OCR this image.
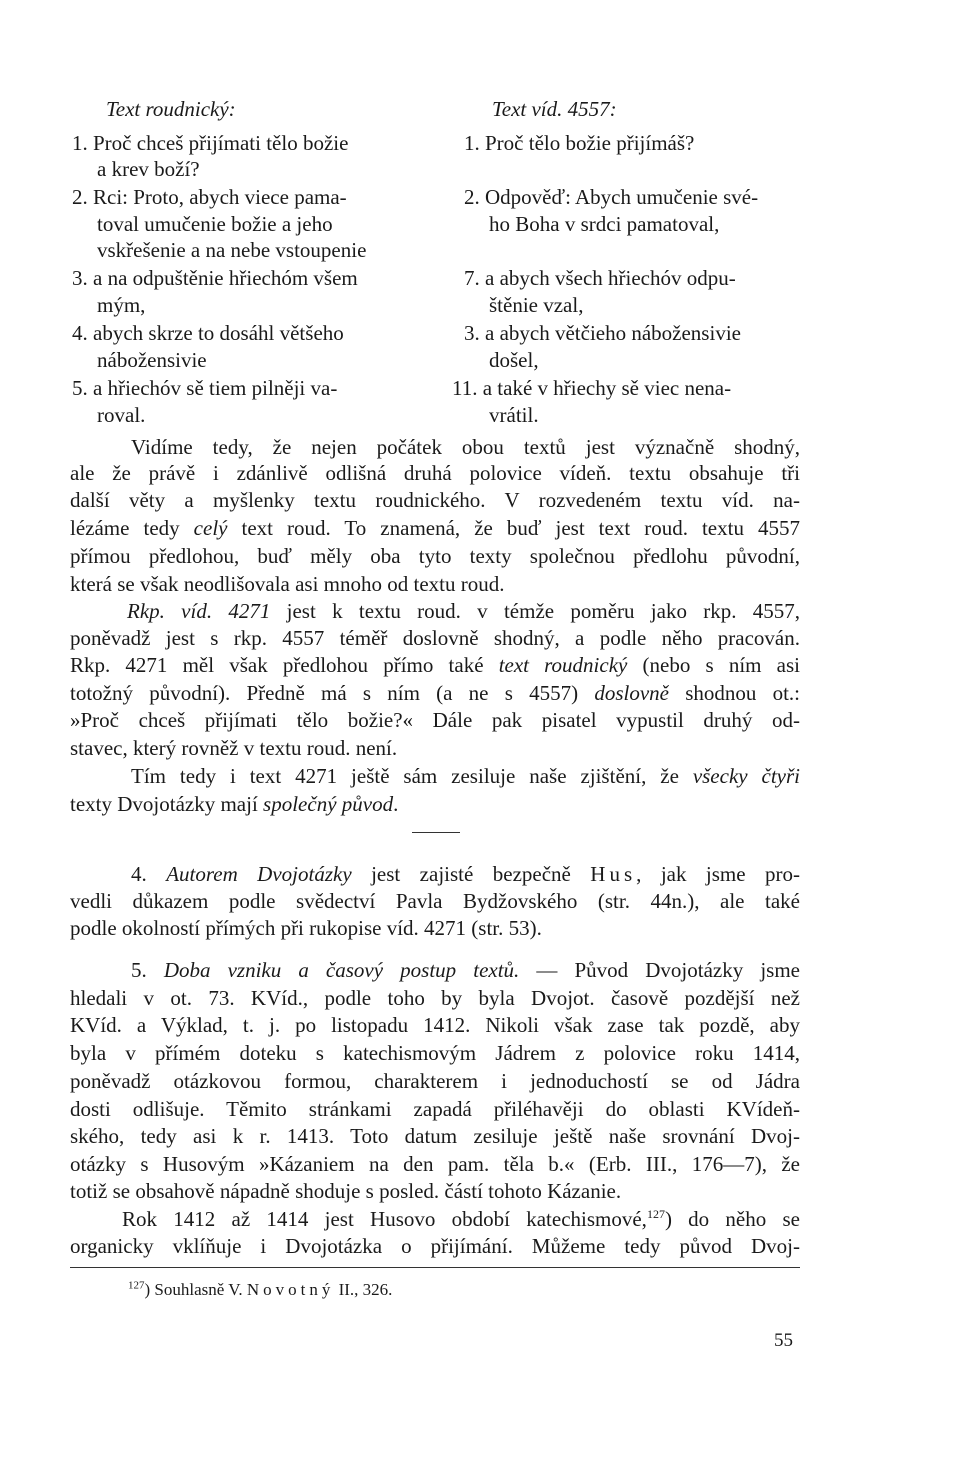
Text roudnický:
1. Proč chceš přijímati tělo božie
a krev boží?
2. Rci: Proto, abych viece pama-
toval umučenie božie a jeho
vskřešenie a na nebe vstoupenie
3. a na odpuštěnie hřiechóm všem
mým,
4. abych skrze to dosáhl většeho
nábožensivie
5. a hřiechóv sě tiem pilněji va-
roval.
Text víd. 4557:
1. Proč tělo božie přijímáš?
2. Odpověď: Abych umučenie své-
ho Boha v srdci pamatoval,
7. a abych všech hřiechóv odpu-
štěnie vzal,
3. a abych větčieho nábožensivie
došel,
11. a také v hřiechy sě viec nena-
vrátil.
Vidíme tedy, že nejen počátek obou textů jest význačně shodný,
ale že právě i zdánlivě odlišná druhá polovice vídeň. textu obsahuje tři
další věty a myšlenky textu roudnického. V rozvedeném textu víd. na-
lézáme tedy celý text roud. To znamená, že buď jest text roud. textu 4557
přímou předlohou, buď měly oba tyto texty společnou předlohu původní,
která se však neodlišovala asi mnoho od textu roud.
Rkp. víd. 4271 jest k textu roud. v témže poměru jako rkp. 4557,
poněvadž jest s rkp. 4557 téměř doslovně shodný, a podle něho pracován.
Rkp. 4271 měl však předlohou přímo také text roudnický (nebo s ním asi
totožný původní). Předně má s ním (a ne s 4557) doslovně shodnou ot.:
»Proč chceš přijímati tělo božie?« Dále pak pisatel vypustil druhý od-
stavec, který rovněž v textu roud. není.
Tím tedy i text 4271 ještě sám zesiluje naše zjištění, že všecky čtyři
texty Dvojotázky mají společný původ.
4. Autorem Dvojotázky jest zajisté bezpečně Hus, jak jsme pro-
vedli důkazem podle svědectví Pavla Bydžovského (str. 44n.), ale také
podle okolností přímých při rukopise víd. 4271 (str. 53).
5. Doba vzniku a časový postup textů. — Původ Dvojotázky jsme
hledali v ot. 73. KVíd., podle toho by byla Dvojot. časově pozdější než
KVíd. a Výklad, t. j. po listopadu 1412. Nikoli však zase tak pozdě, aby
byla v přímém doteku s katechismovým Jádrem z polovice roku 1414,
poněvadž otázkovou formou, charakterem i jednoduchostí se od Jádra
dosti odlišuje. Těmito stránkami zapadá přiléhavěji do oblasti KVídeň-
ského, tedy asi k r. 1413. Toto datum zesiluje ještě naše srovnání Dvoj-
otázky s Husovým »Kázaniem na den pam. těla b.« (Erb. III., 176—7), že
totiž se obsahově nápadně shoduje s posled. částí tohoto Kázanie.
Rok 1412 až 1414 jest Husovo období katechismové,$^{127}$) do něho se
organicky vklíňuje i Dvojotázka o přijímání. Můžeme tedy původ Dvoj-
$^{127}$) Souhlasně V. Novotný II., 326.
55
